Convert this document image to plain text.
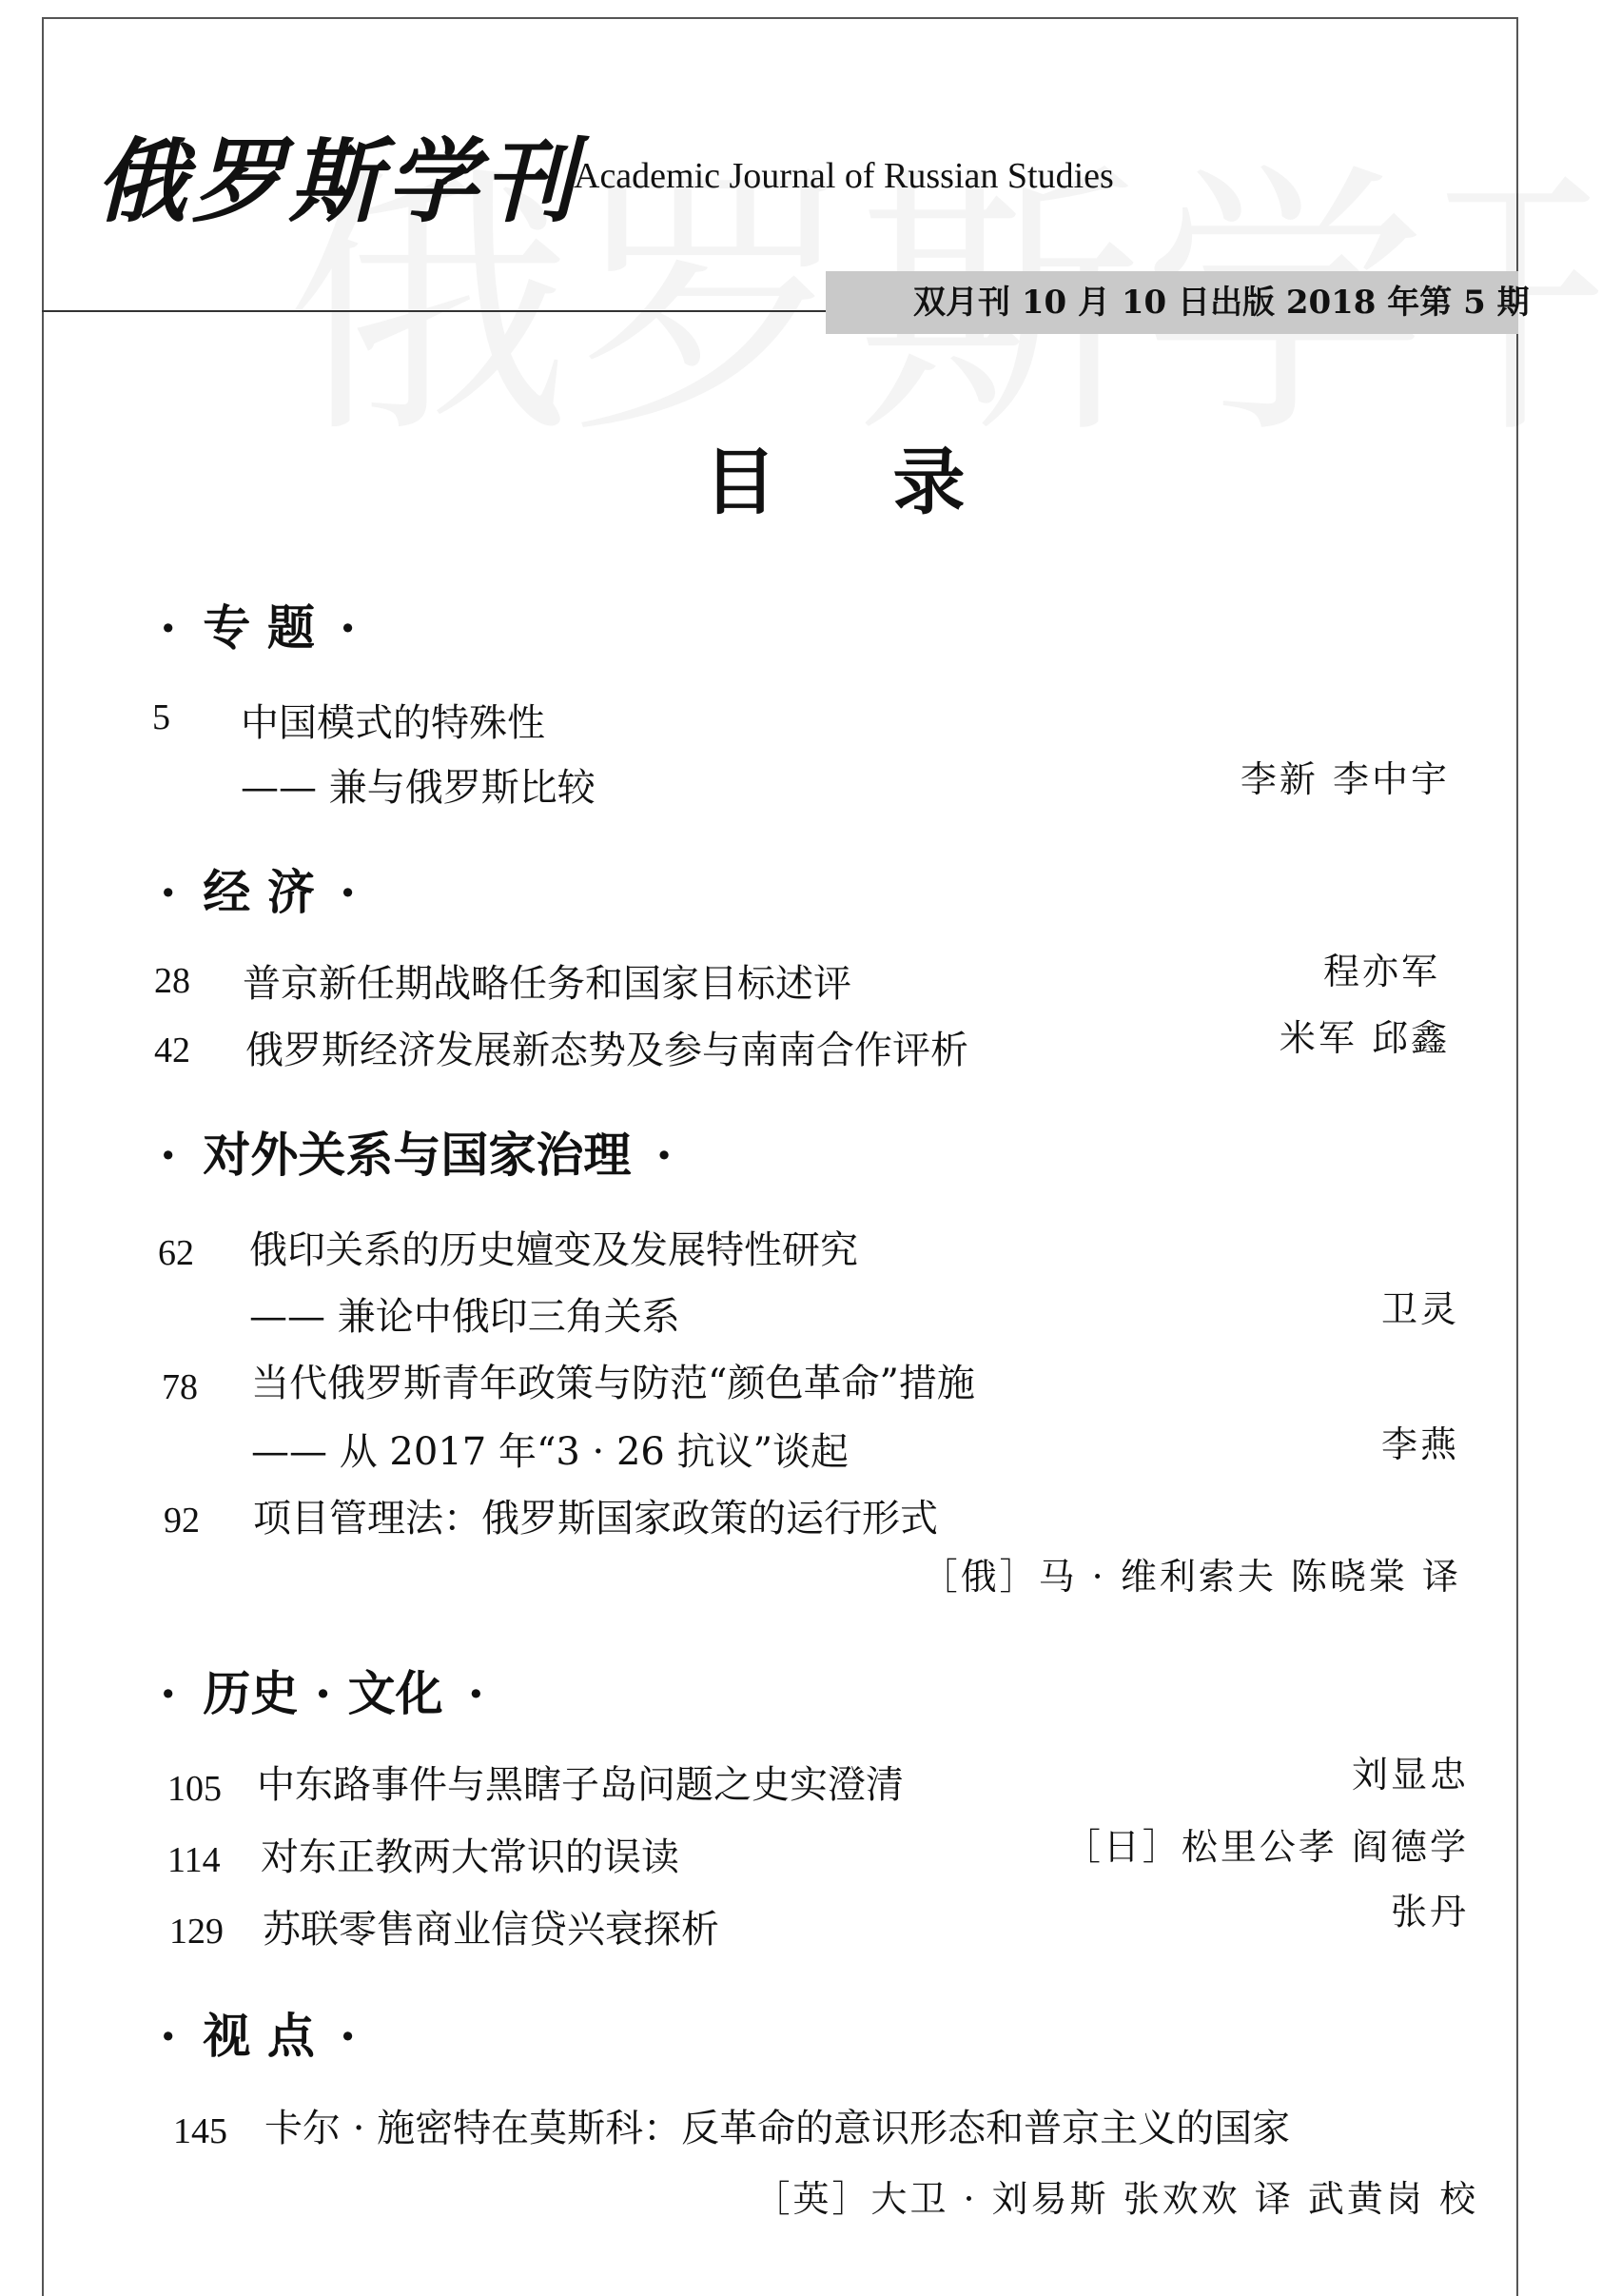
俄罗斯学刊
Academic Journal of Russian Studies
双月刊 10 月 10 日出版 2018 年第 5 期
目 录
· 专 题 ·
5 中国模式的特殊性
—— 兼与俄罗斯比较	李新 李中宇
· 经 济 ·
28 普京新任期战略任务和国家目标述评	程亦军
42 俄罗斯经济发展新态势及参与南南合作评析	米军 邱鑫
· 对外关系与国家治理 ·
62 俄印关系的历史嬗变及发展特性研究
—— 兼论中俄印三角关系	卫灵
78 当代俄罗斯青年政策与防范“颜色革命”措施
—— 从 2017 年“3 · 26 抗议”谈起	李燕
92 项目管理法：俄罗斯国家政策的运行形式
［俄］马 · 维利索夫 陈晓棠 译
· 历史 · 文化 ·
105 中东路事件与黑瞎子岛问题之史实澄清	刘显忠
114 对东正教两大常识的误读	［日］松里公孝 阎德学
129 苏联零售商业信贷兴衰探析	张丹
· 视 点 ·
145 卡尔 · 施密特在莫斯科：反革命的意识形态和普京主义的国家
［英］大卫 · 刘易斯 张欢欢 译 武黄岗 校
